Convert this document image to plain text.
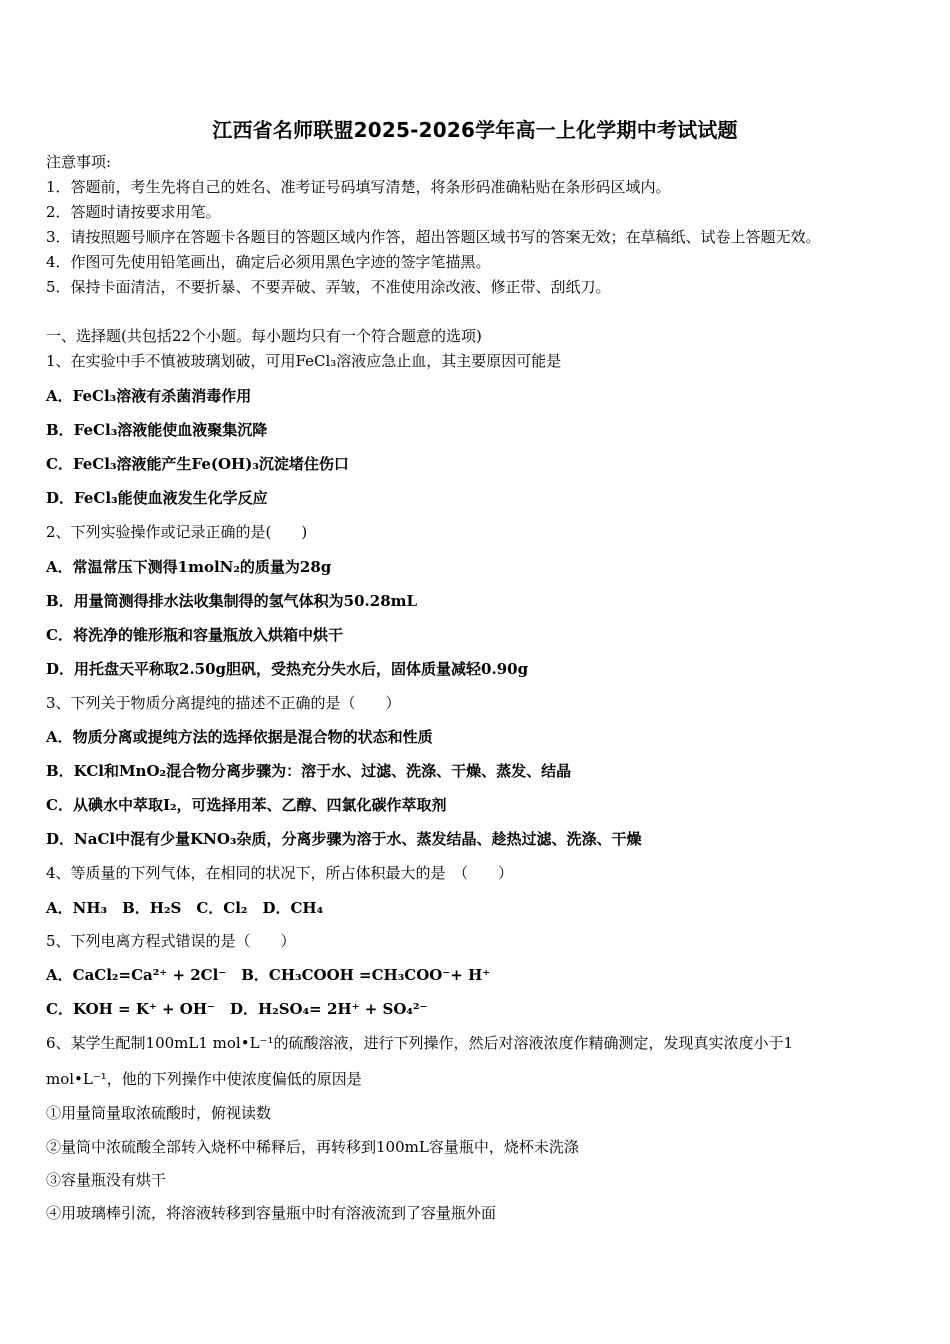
江西省名师联盟2025-2026学年高一上化学期中考试试题
注意事项:
1．答题前，考生先将自己的姓名、准考证号码填写清楚，将条形码准确粘贴在条形码区域内。
2．答题时请按要求用笔。
3．请按照题号顺序在答题卡各题目的答题区域内作答，超出答题区域书写的答案无效；在草稿纸、试卷上答题无效。
4．作图可先使用铅笔画出，确定后必须用黑色字迹的签字笔描黑。
5．保持卡面清洁，不要折暴、不要弄破、弄皱，不准使用涂改液、修正带、刮纸刀。
一、选择题(共包括22个小题。每小题均只有一个符合题意的选项)
1、在实验中手不慎被玻璃划破，可用FeCl₃溶液应急止血，其主要原因可能是
A．FeCl₃溶液有杀菌消毒作用
B．FeCl₃溶液能使血液聚集沉降
C．FeCl₃溶液能产生Fe(OH)₃沉淀堵住伤口
D．FeCl₃能使血液发生化学反应
2、下列实验操作或记录正确的是(　　)
A．常温常压下测得1molN₂的质量为28g
B．用量筒测得排水法收集制得的氢气体积为50.28mL
C．将洗净的锥形瓶和容量瓶放入烘箱中烘干
D．用托盘天平称取2.50g胆矾，受热充分失水后，固体质量减轻0.90g
3、下列关于物质分离提纯的描述不正确的是（　　）
A．物质分离或提纯方法的选择依据是混合物的状态和性质
B．KCl和MnO₂混合物分离步骤为：溶于水、过滤、洗涤、干燥、蒸发、结晶
C．从碘水中萃取I₂，可选择用苯、乙醇、四氯化碳作萃取剂
D．NaCl中混有少量KNO₃杂质，分离步骤为溶于水、蒸发结晶、趁热过滤、洗涤、干燥
4、等质量的下列气体，在相同的状况下，所占体积最大的是　（　　）
A．NH₃　B．H₂S　C．Cl₂　D．CH₄
5、下列电离方程式错误的是（　　）
A．CaCl₂=Ca²⁺ + 2Cl⁻　B．CH₃COOH =CH₃COO⁻+ H⁺
C．KOH = K⁺ + OH⁻　D．H₂SO₄= 2H⁺ + SO₄²⁻
6、某学生配制100mL1 mol•L⁻¹的硫酸溶液，进行下列操作，然后对溶液浓度作精确测定，发现真实浓度小于1
mol•L⁻¹，他的下列操作中使浓度偏低的原因是
①用量筒量取浓硫酸时，俯视读数
②量筒中浓硫酸全部转入烧杯中稀释后，再转移到100mL容量瓶中，烧杯未洗涤
③容量瓶没有烘干
④用玻璃棒引流，将溶液转移到容量瓶中时有溶液流到了容量瓶外面
